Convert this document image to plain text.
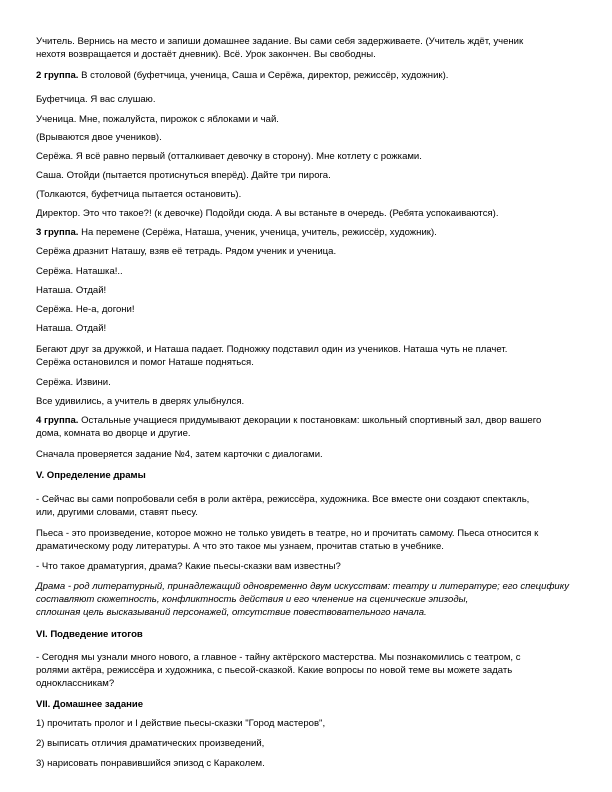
Учитель. Вернись на место и запиши домашнее задание. Вы сами себя задерживаете. (Учитель ждёт, ученик
нехотя возвращается и достаёт дневник). Всё. Урок закончен. Вы свободны.
2 группа. В столовой (буфетчица, ученица, Саша и Серёжа, директор, режиссёр, художник).
Буфетчица. Я вас слушаю.
Ученица. Мне, пожалуйста, пирожок с яблоками и чай.
(Врываются двое учеников).
Серёжа. Я всё равно первый (отталкивает девочку в сторону). Мне котлету с рожками.
Саша. Отойди (пытается протиснуться вперёд). Дайте три пирога.
(Толкаются, буфетчица пытается остановить).
Директор. Это что такое?! (к девочке) Подойди сюда. А вы встаньте в очередь. (Ребята успокаиваются).
3 группа. На перемене (Серёжа, Наташа, ученик, ученица, учитель, режиссёр, художник).
Серёжа дразнит Наташу, взяв её тетрадь. Рядом ученик и ученица.
Серёжа. Наташка!..
Наташа. Отдай!
Серёжа. Не-а, догони!
Наташа. Отдай!
Бегают друг за дружкой, и Наташа падает. Подножку подставил один из учеников. Наташа чуть не плачет.
Серёжа остановился и помог Наташе подняться.
Серёжа. Извини.
Все удивились, а учитель в дверях улыбнулся.
4 группа. Остальные учащиеся придумывают декорации к постановкам: школьный спортивный зал, двор вашего
дома, комната во дворце и другие.
Сначала проверяется задание №4, затем карточки с диалогами.
V. Определение драмы
- Сейчас вы сами попробовали себя в роли актёра, режиссёра, художника. Все вместе они создают спектакль,
или, другими словами, ставят пьесу.
Пьеса - это произведение, которое можно не только увидеть в театре, но и прочитать самому. Пьеса относится к
драматическому роду литературы. А что это такое мы узнаем, прочитав статью в учебнике.
- Что такое драматургия, драма? Какие пьесы-сказки вам известны?
Драма - род литературный, принадлежащий одновременно двум искусствам: театру и литературе; его специфику
составляют сюжетность, конфликтность действия и его членение на сценические эпизоды,
сплошная цель высказываний персонажей, отсутствие повествовательного начала.
VI. Подведение итогов
- Сегодня мы узнали много нового, а главное - тайну актёрского мастерства. Мы познакомились с театром, с
ролями актёра, режиссёра и художника, с пьесой-сказкой. Какие вопросы по новой теме вы можете задать
одноклассникам?
VII. Домашнее задание
1) прочитать пролог и I действие пьесы-сказки "Город мастеров",
2) выписать отличия драматических произведений,
3) нарисовать понравившийся эпизод с Караколем.
